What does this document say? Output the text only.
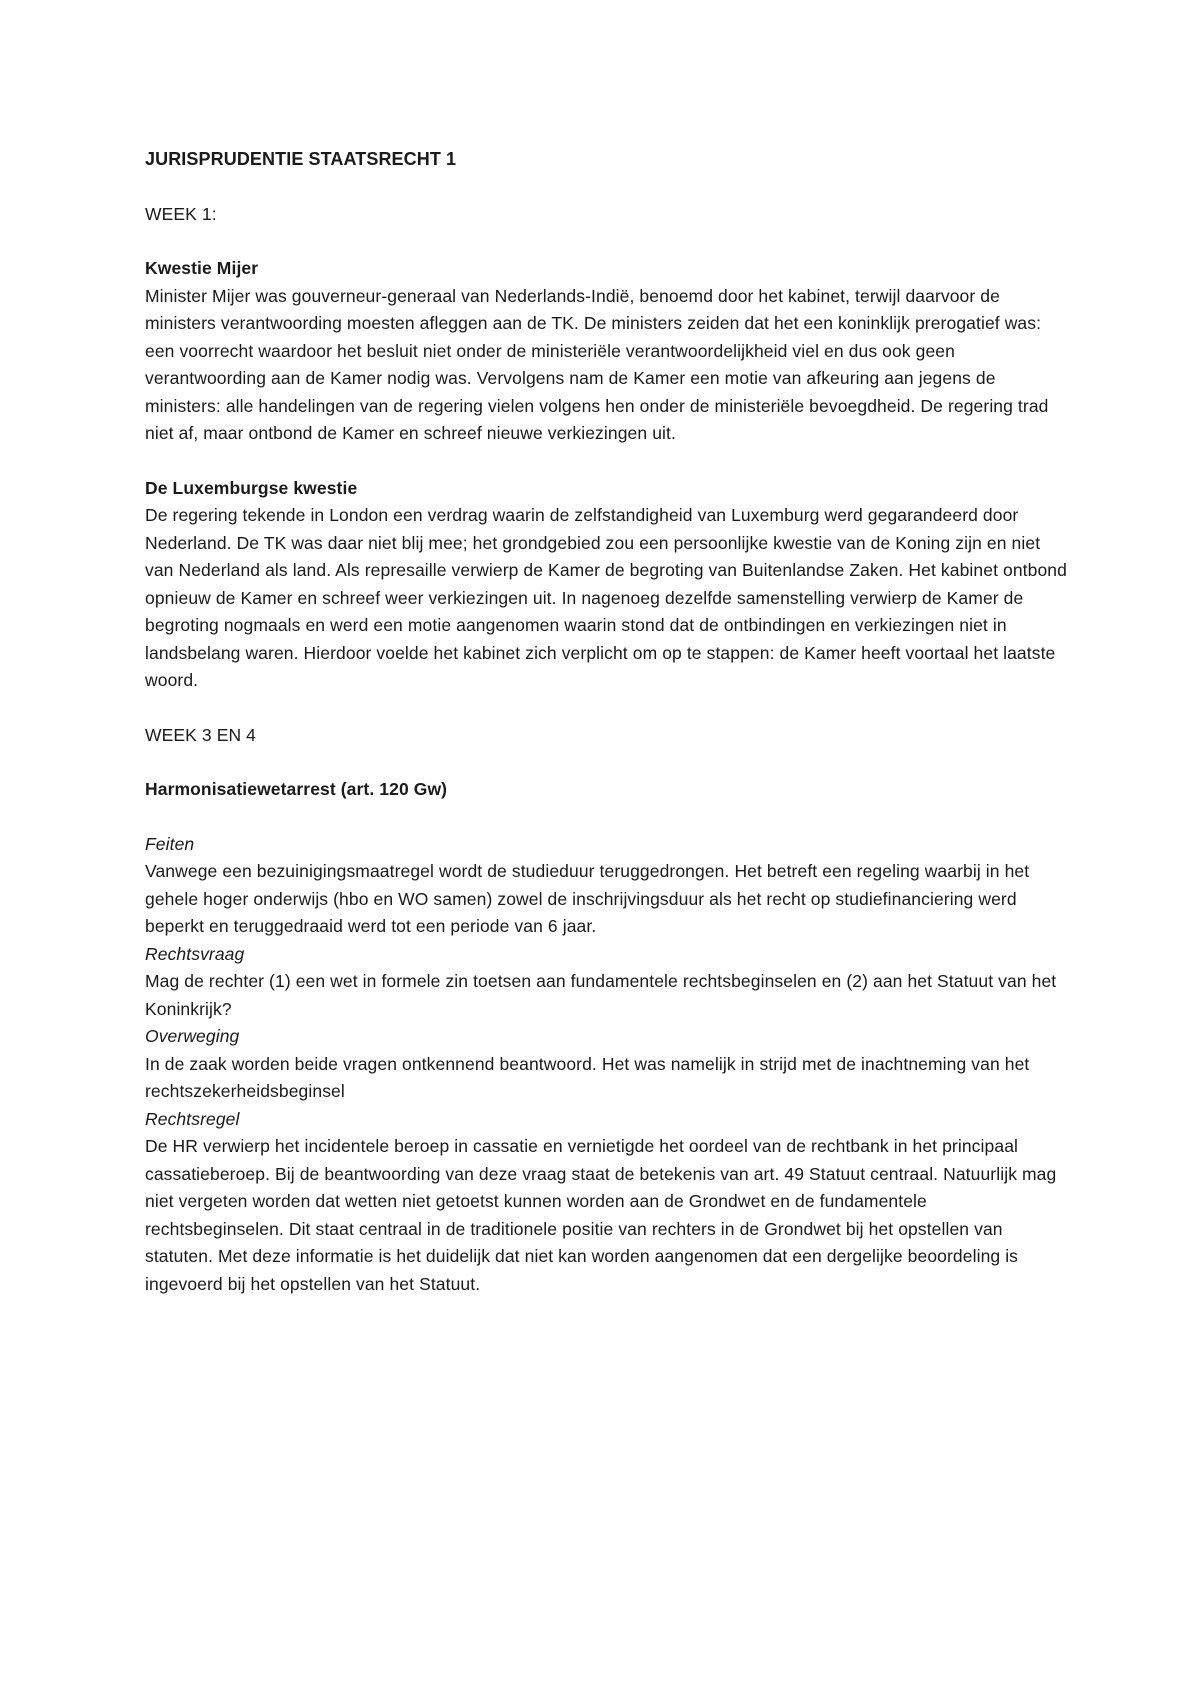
JURISPRUDENTIE STAATSRECHT 1

WEEK 1:

Kwestie Mijer

Minister Mijer was gouverneur-generaal van Nederlands-Indië, benoemd door het kabinet, terwijl daarvoor de ministers verantwoording moesten afleggen aan de TK. De ministers zeiden dat het een koninklijk prerogatief was: een voorrecht waardoor het besluit niet onder de ministeriële verantwoordelijkheid viel en dus ook geen verantwoording aan de Kamer nodig was. Vervolgens nam de Kamer een motie van afkeuring aan jegens de ministers: alle handelingen van de regering vielen volgens hen onder de ministeriële bevoegdheid. De regering trad niet af, maar ontbond de Kamer en schreef nieuwe verkiezingen uit.

De Luxemburgse kwestie

De regering tekende in London een verdrag waarin de zelfstandigheid van Luxemburg werd gegarandeerd door Nederland. De TK was daar niet blij mee; het grondgebied zou een persoonlijke kwestie van de Koning zijn en niet van Nederland als land. Als represaille verwierp de Kamer de begroting van Buitenlandse Zaken. Het kabinet ontbond opnieuw de Kamer en schreef weer verkiezingen uit. In nagenoeg dezelfde samenstelling verwierp de Kamer de begroting nogmaals en werd een motie aangenomen waarin stond dat de ontbindingen en verkiezingen niet in landsbelang waren. Hierdoor voelde het kabinet zich verplicht om op te stappen: de Kamer heeft voortaal het laatste woord.

WEEK 3 EN 4

Harmonisatiewetarrest (art. 120 Gw)

Feiten

Vanwege een bezuinigingsmaatregel wordt de studieduur teruggedrongen. Het betreft een regeling waarbij in het gehele hoger onderwijs (hbo en WO samen) zowel de inschrijvingsduur als het recht op studiefinanciering werd beperkt en teruggedraaid werd tot een periode van 6 jaar.

Rechtsvraag

Mag de rechter (1) een wet in formele zin toetsen aan fundamentele rechtsbeginselen en (2) aan het Statuut van het Koninkrijk?

Overweging

In de zaak worden beide vragen ontkennend beantwoord. Het was namelijk in strijd met de inachtneming van het rechtszekerheidsbeginsel

Rechtsregel

De HR verwierp het incidentele beroep in cassatie en vernietigde het oordeel van de rechtbank in het principaal cassatieberoep. Bij de beantwoording van deze vraag staat de betekenis van art. 49 Statuut centraal. Natuurlijk mag niet vergeten worden dat wetten niet getoetst kunnen worden aan de Grondwet en de fundamentele rechtsbeginselen. Dit staat centraal in de traditionele positie van rechters in de Grondwet bij het opstellen van statuten. Met deze informatie is het duidelijk dat niet kan worden aangenomen dat een dergelijke beoordeling is ingevoerd bij het opstellen van het Statuut.
